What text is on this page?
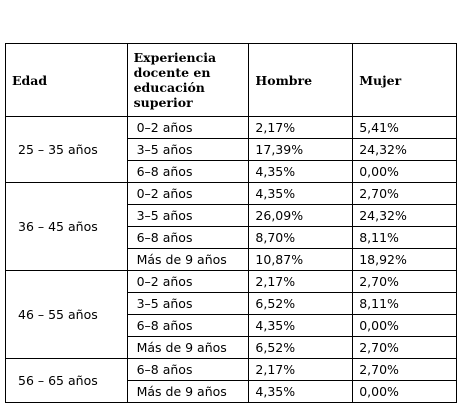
Edad	Experiencia docente en educación superior	Hombre	Mujer
25 – 35 años	0–2 años	2,17%	5,41%
	3–5 años	17,39%	24,32%
	6–8 años	4,35%	0,00%
36 – 45 años	0–2 años	4,35%	2,70%
	3–5 años	26,09%	24,32%
	6–8 años	8,70%	8,11%
	Más de 9 años	10,87%	18,92%
46 – 55 años	0–2 años	2,17%	2,70%
	3–5 años	6,52%	8,11%
	6–8 años	4,35%	0,00%
	Más de 9 años	6,52%	2,70%
56 – 65 años	6–8 años	2,17%	2,70%
	Más de 9 años	4,35%	0,00%
